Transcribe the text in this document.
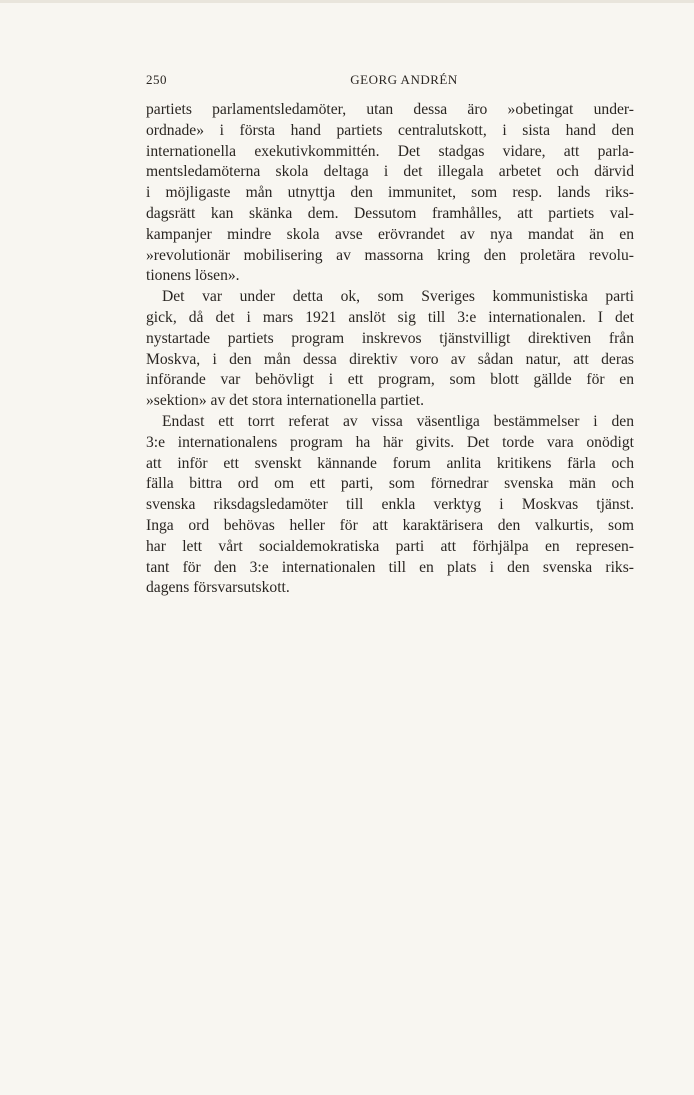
250	GEORG ANDRÉN
partiets parlamentsledamöter, utan dessa äro »obetingat under-
ordnade» i första hand partiets centralutskott, i sista hand den
internationella exekutivkommittén. Det stadgas vidare, att parla-
mentsledamöterna skola deltaga i det illegala arbetet och därvid
i möjligaste mån utnyttja den immunitet, som resp. lands riks-
dagsrätt kan skänka dem. Dessutom framhålles, att partiets val-
kampanjer mindre skola avse erövrandet av nya mandat än en
»revolutionär mobilisering av massorna kring den proletära revolu-
tionens lösen».
Det var under detta ok, som Sveriges kommunistiska parti
gick, då det i mars 1921 anslöt sig till 3:e internationalen. I det
nystartade partiets program inskrevos tjänstvilligt direktiven från
Moskva, i den mån dessa direktiv voro av sådan natur, att deras
införande var behövligt i ett program, som blott gällde för en
»sektion» av det stora internationella partiet.
Endast ett torrt referat av vissa väsentliga bestämmelser i den
3:e internationalens program ha här givits. Det torde vara onödigt
att inför ett svenskt kännande forum anlita kritikens färla och
fälla bittra ord om ett parti, som förnedrar svenska män och
svenska riksdagsledamöter till enkla verktyg i Moskvas tjänst.
Inga ord behövas heller för att karaktärisera den valkurtis, som
har lett vårt socialdemokratiska parti att förhjälpa en represen-
tant för den 3:e internationalen till en plats i den svenska riks-
dagens försvarsutskott.
